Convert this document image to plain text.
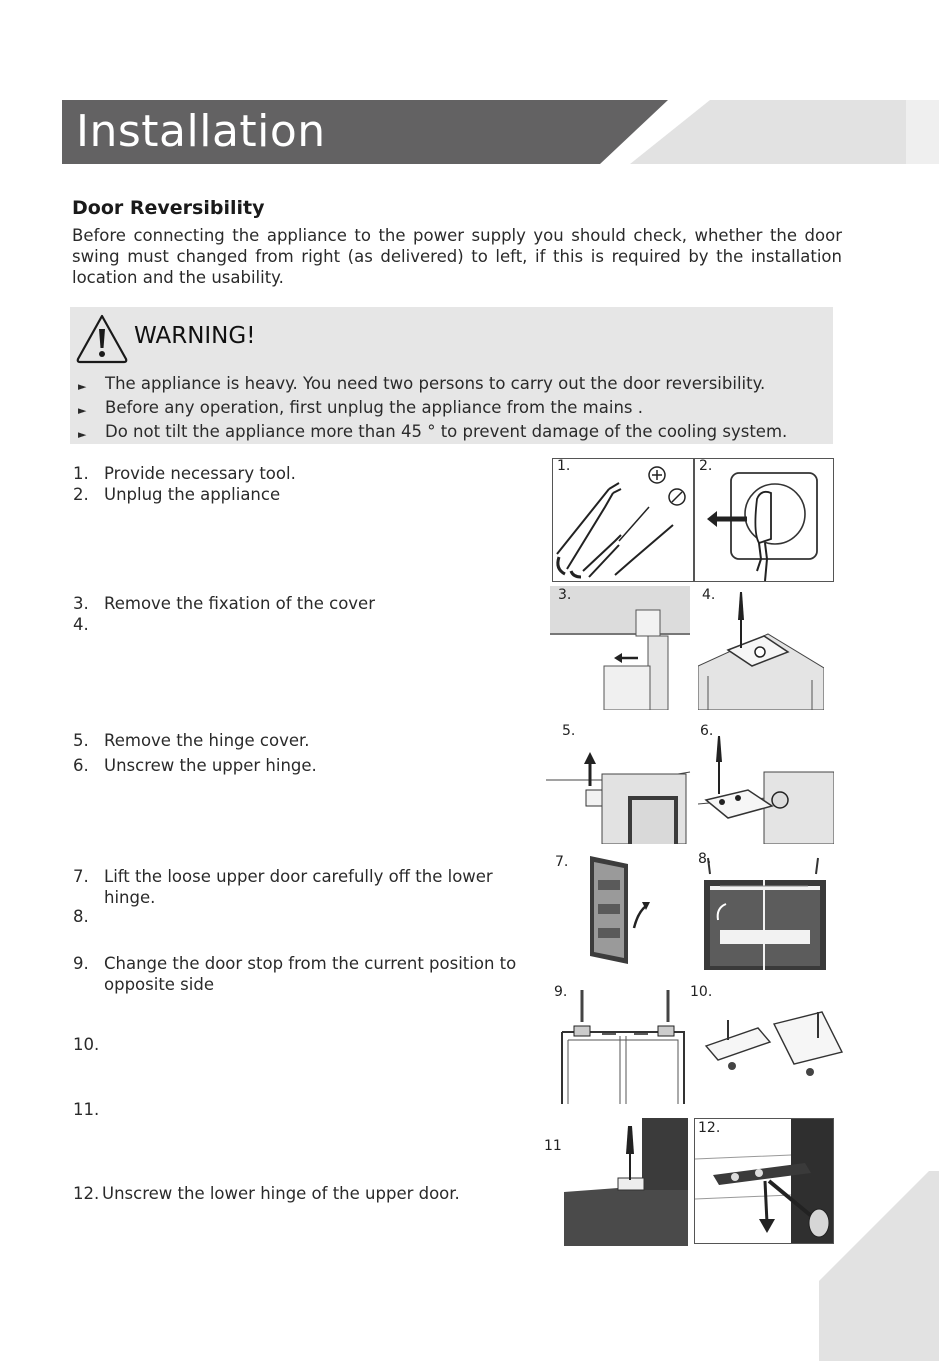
Installation
Door Reversibility
Before connecting the appliance to the power supply you should check, whether the door swing must changed from right (as delivered) to left, if this is required by the installation location and the usability.
WARNING!
►	The appliance is heavy. You need two persons to carry out the door reversibility.
►	Before any operation, first unplug the appliance from the mains .
►	Do not tilt the appliance more than 45 ° to prevent damage of the cooling system.
1. Provide necessary tool.
2. Unplug the appliance
3. Remove the fixation of the cover
4.
5. Remove the hinge cover.
6. Unscrew the upper hinge.
7. Lift the loose upper door carefully off the lower hinge.
8.
9. Change the door stop from the current position to opposite side
10.
11.
12. Unscrew the lower hinge of the upper door.
1.	2.
3.	4.
5.	6.
7.	8.
9.	10.
11
12.
